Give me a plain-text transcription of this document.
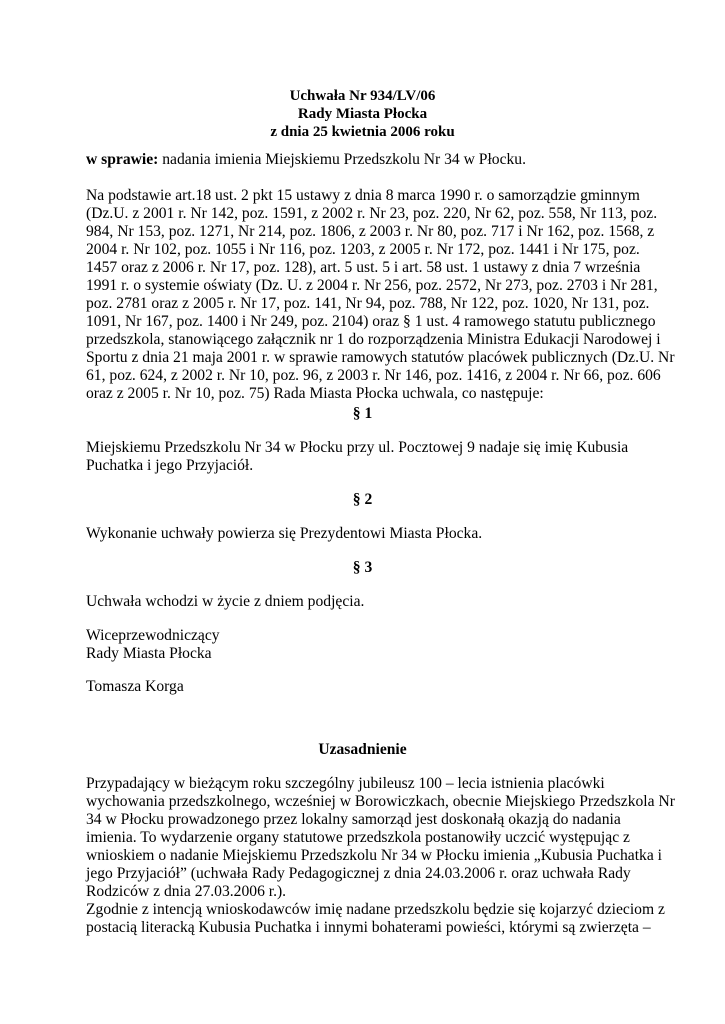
Uchwała Nr 934/LV/06
Rady Miasta Płocka
z dnia 25 kwietnia 2006 roku
w sprawie: nadania imienia Miejskiemu Przedszkolu Nr 34 w Płocku.
Na podstawie art.18 ust. 2 pkt 15 ustawy z dnia 8 marca 1990 r. o samorządzie gminnym
(Dz.U. z 2001 r. Nr 142, poz. 1591, z 2002 r. Nr 23, poz. 220, Nr 62, poz. 558, Nr 113, poz.
984, Nr 153, poz. 1271, Nr 214, poz. 1806, z 2003 r. Nr 80, poz. 717 i Nr 162, poz. 1568, z
2004 r. Nr 102, poz. 1055 i Nr 116, poz. 1203, z 2005 r. Nr 172, poz. 1441 i Nr 175, poz.
1457 oraz z 2006 r. Nr 17, poz. 128), art. 5 ust. 5 i art. 58 ust. 1 ustawy z dnia 7 września
1991 r. o systemie oświaty (Dz. U. z 2004 r. Nr 256, poz. 2572, Nr 273, poz. 2703 i Nr 281,
poz. 2781 oraz z 2005 r. Nr 17, poz. 141, Nr 94, poz. 788, Nr 122, poz. 1020, Nr 131, poz.
1091, Nr 167, poz. 1400 i Nr 249, poz. 2104) oraz § 1 ust. 4 ramowego statutu publicznego
przedszkola, stanowiącego załącznik nr 1 do rozporządzenia Ministra Edukacji Narodowej i
Sportu z dnia 21 maja 2001 r. w sprawie ramowych statutów placówek publicznych (Dz.U. Nr
61, poz. 624, z 2002 r. Nr 10, poz. 96, z 2003 r. Nr 146, poz. 1416, z 2004 r. Nr 66, poz. 606
oraz z 2005 r. Nr 10, poz. 75) Rada Miasta Płocka uchwala, co następuje:
§ 1
Miejskiemu Przedszkolu Nr 34 w Płocku przy ul. Pocztowej 9 nadaje się imię Kubusia
Puchatka i jego Przyjaciół.
§ 2
Wykonanie uchwały powierza się Prezydentowi Miasta Płocka.
§ 3
Uchwała wchodzi w życie z dniem podjęcia.
Wiceprzewodniczący
Rady Miasta Płocka
Tomasza Korga
Uzasadnienie
Przypadający w bieżącym roku szczególny jubileusz 100 – lecia istnienia placówki
wychowania przedszkolnego, wcześniej w Borowiczkach, obecnie Miejskiego Przedszkola Nr
34 w Płocku prowadzonego przez lokalny samorząd jest doskonałą okazją do nadania
imienia. To wydarzenie organy statutowe przedszkola postanowiły uczcić występując z
wnioskiem o nadanie Miejskiemu Przedszkolu Nr 34 w Płocku imienia „Kubusia Puchatka i
jego Przyjaciół” (uchwała Rady Pedagogicznej z dnia 24.03.2006 r. oraz uchwała Rady
Rodziców z dnia 27.03.2006 r.).
Zgodnie z intencją wnioskodawców imię nadane przedszkolu będzie się kojarzyć dzieciom z
postacią literacką Kubusia Puchatka i innymi bohaterami powieści, którymi są zwierzęta –
